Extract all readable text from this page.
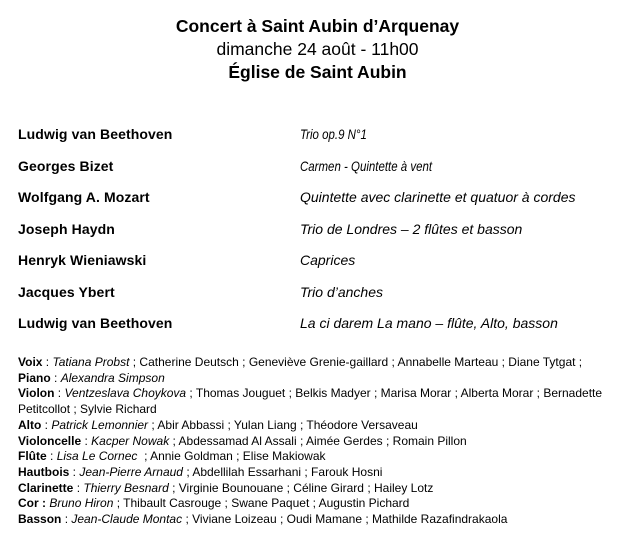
Concert à Saint Aubin d’Arquenay
dimanche 24 août - 11h00
Église de Saint Aubin
Ludwig van Beethoven	Trio op.9 N°1
Georges Bizet	Carmen - Quintette à vent
Wolfgang A. Mozart	Quintette avec clarinette et quatuor à cordes
Joseph Haydn	Trio de Londres – 2 flûtes et basson
Henryk Wieniawski	Caprices
Jacques Ybert	Trio d’anches
Ludwig van Beethoven	La ci darem La mano – flûte, Alto, basson

Voix : Tatiana Probst ; Catherine Deutsch ; Geneviève Grenie-gaillard ; Annabelle Marteau ; Diane Tytgat ;

Piano : Alexandra Simpson

Violon : Ventzeslava Choykova ; Thomas Jouguet ; Belkis Madyer ; Marisa Morar ; Alberta Morar ; Bernadette Petitcollot ; Sylvie Richard

Alto : Patrick Lemonnier ; Abir Abbassi ; Yulan Liang ; Théodore Versaveau

Violoncelle : Kacper Nowak ; Abdessamad Al Assali ; Aimée Gerdes ; Romain Pillon

Flûte : Lisa Le Cornec  ; Annie Goldman ; Elise Makiowak

Hautbois : Jean-Pierre Arnaud ; Abdellilah Essarhani ; Farouk Hosni

Clarinette : Thierry Besnard ; Virginie Bounouane ; Céline Girard ; Hailey Lotz

Cor : Bruno Hiron ; Thibault Casrouge ; Swane Paquet ; Augustin Pichard

Basson : Jean-Claude Montac ; Viviane Loizeau ; Oudi Mamane ; Mathilde Razafindrakaola
